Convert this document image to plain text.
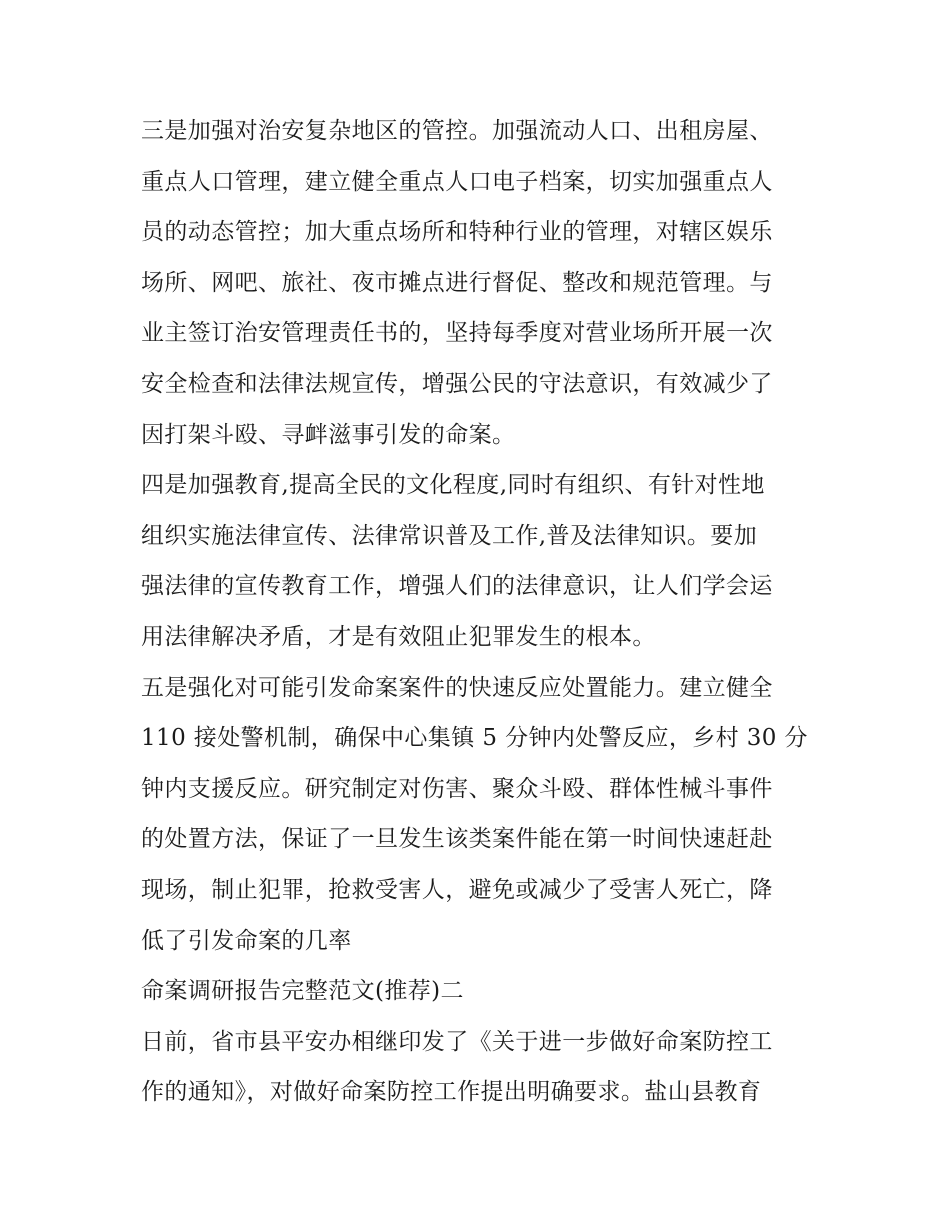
三是加强对治安复杂地区的管控。加强流动人口、出租房屋、
重点人口管理，建立健全重点人口电子档案，切实加强重点人
员的动态管控；加大重点场所和特种行业的管理，对辖区娱乐
场所、网吧、旅社、夜市摊点进行督促、整改和规范管理。与
业主签订治安管理责任书的，坚持每季度对营业场所开展一次
安全检查和法律法规宣传，增强公民的守法意识，有效减少了
因打架斗殴、寻衅滋事引发的命案。
四是加强教育,提高全民的文化程度,同时有组织、有针对性地
组织实施法律宣传、法律常识普及工作,普及法律知识。要加
强法律的宣传教育工作，增强人们的法律意识，让人们学会运
用法律解决矛盾，才是有效阻止犯罪发生的根本。
五是强化对可能引发命案案件的快速反应处置能力。建立健全
110 接处警机制，确保中心集镇 5 分钟内处警反应，乡村 30 分
钟内支援反应。研究制定对伤害、聚众斗殴、群体性械斗事件
的处置方法，保证了一旦发生该类案件能在第一时间快速赶赴
现场，制止犯罪，抢救受害人，避免或减少了受害人死亡，降
低了引发命案的几率
命案调研报告完整范文(推荐)二
日前，省市县平安办相继印发了《关于进一步做好命案防控工
作的通知》，对做好命案防控工作提出明确要求。盐山县教育
